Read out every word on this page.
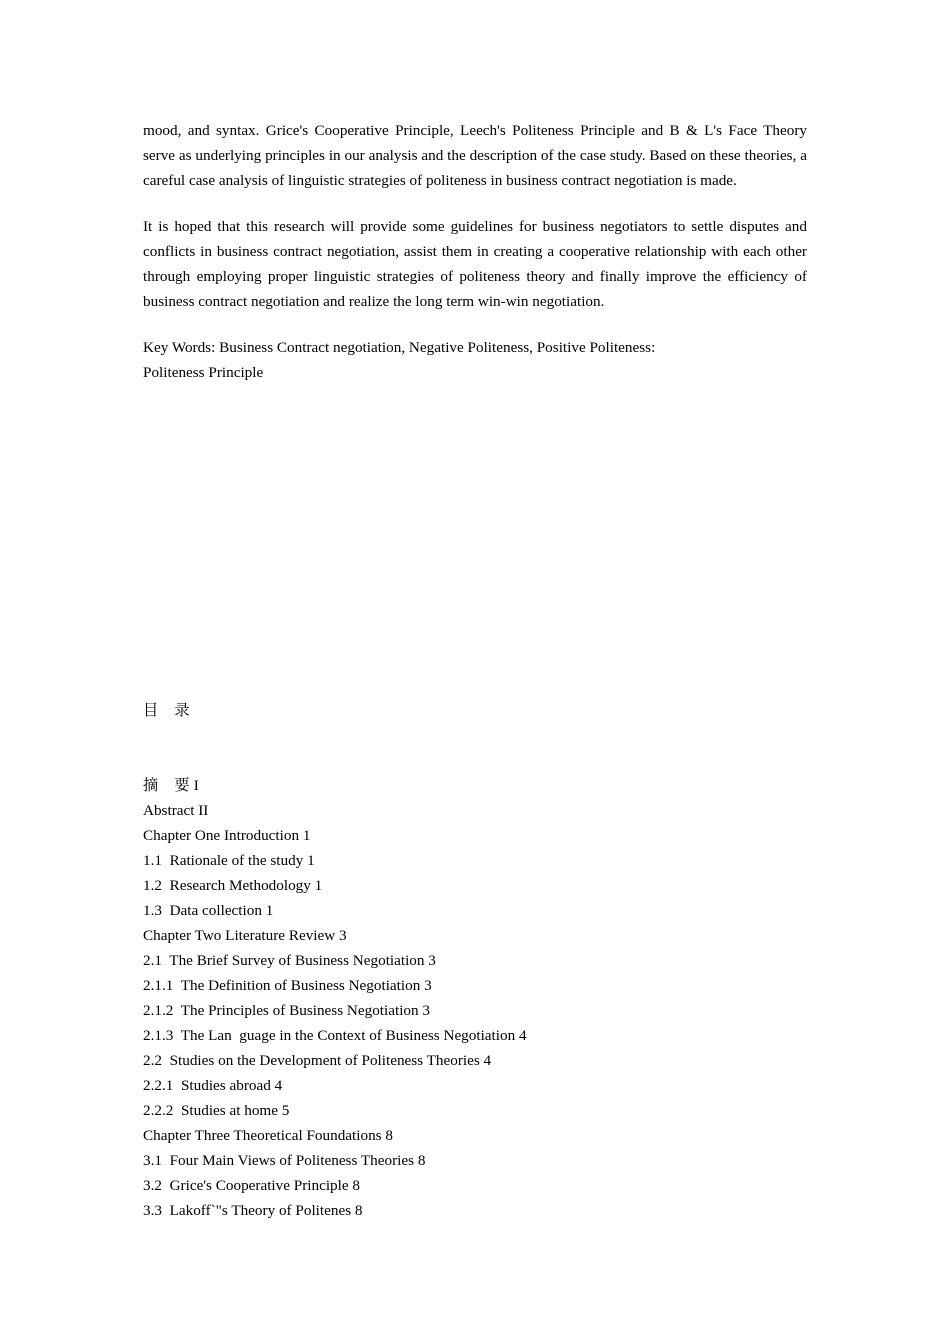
mood, and syntax. Grice's Cooperative Principle, Leech's Politeness Principle and B & L's Face Theory serve as underlying principles in our analysis and the description of the case study. Based on these theories, a careful case analysis of linguistic strategies of politeness in business contract negotiation is made.

It is hoped that this research will provide some guidelines for business negotiators to settle disputes and conflicts in business contract negotiation, assist them in creating a cooperative relationship with each other through employing proper linguistic strategies of politeness theory and finally improve the efficiency of business contract negotiation and realize the long term win-win negotiation.

Key Words: Business Contract negotiation, Negative Politeness, Positive Politeness:

Politeness Principle

目    录
摘    要 I
Abstract II
Chapter One Introduction 1
1.1  Rationale of the study 1
1.2  Research Methodology 1
1.3  Data collection 1
Chapter Two Literature Review 3
2.1  The Brief Survey of Business Negotiation 3
2.1.1  The Definition of Business Negotiation 3
2.1.2  The Principles of Business Negotiation 3
2.1.3  The Lan  guage in the Context of Business Negotiation 4
2.2  Studies on the Development of Politeness Theories 4
2.2.1  Studies abroad 4
2.2.2  Studies at home 5
Chapter Three Theoretical Foundations 8
3.1  Four Main Views of Politeness Theories 8
3.2  Grice's Cooperative Principle 8
3.3  Lakoff`"s Theory of Politenes 8
